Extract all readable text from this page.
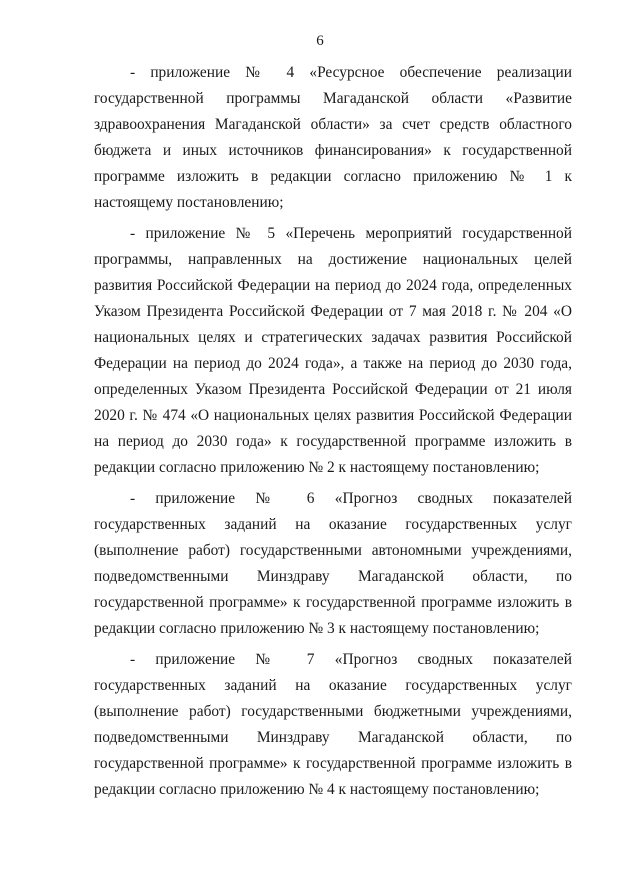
6

- приложение № 4 «Ресурсное обеспечение реализации государственной программы Магаданской области «Развитие здравоохранения Магаданской области» за счет средств областного бюджета и иных источников финансирования» к государственной программе изложить в редакции согласно приложению № 1 к настоящему постановлению;

- приложение № 5 «Перечень мероприятий государственной программы, направленных на достижение национальных целей развития Российской Федерации на период до 2024 года, определенных Указом Президента Российской Федерации от 7 мая 2018 г. № 204 «О национальных целях и стратегических задачах развития Российской Федерации на период до 2024 года», а также на период до 2030 года, определенных Указом Президента Российской Федерации от 21 июля 2020 г. № 474 «О национальных целях развития Российской Федерации на период до 2030 года» к государственной программе изложить в редакции согласно приложению № 2 к настоящему постановлению;

- приложение № 6 «Прогноз сводных показателей государственных заданий на оказание государственных услуг (выполнение работ) государственными автономными учреждениями, подведомственными Минздраву Магаданской области, по государственной программе» к государственной программе изложить в редакции согласно приложению № 3 к настоящему постановлению;

- приложение № 7 «Прогноз сводных показателей государственных заданий на оказание государственных услуг (выполнение работ) государственными бюджетными учреждениями, подведомственными Минздраву Магаданской области, по государственной программе» к государственной программе изложить в редакции согласно приложению № 4 к настоящему постановлению;
